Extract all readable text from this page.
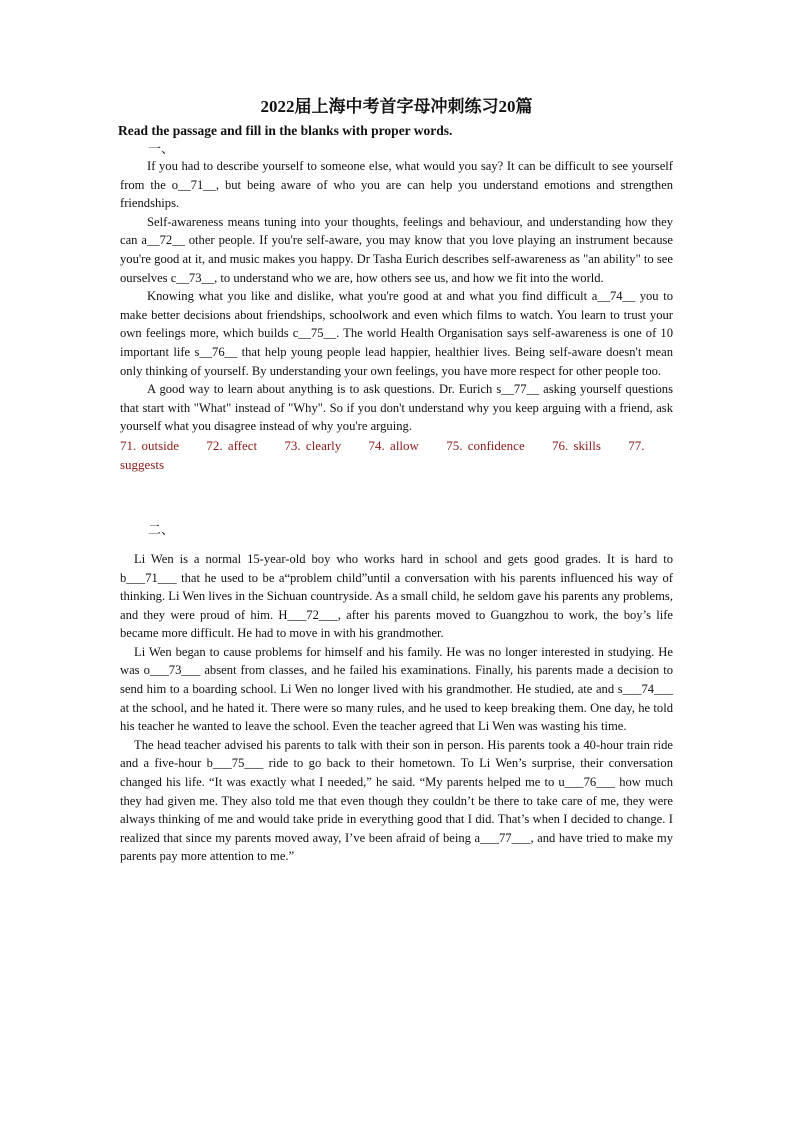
2022届上海中考首字母冲刺练习20篇

Read the passage and fill in the blanks with proper words.

一、

If you had to describe yourself to someone else, what would you say? It can be difficult to see yourself from the o__71__, but being aware of who you are can help you understand emotions and strengthen friendships.

Self-awareness means tuning into your thoughts, feelings and behaviour, and understanding how they can a__72__ other people. If you're self-aware, you may know that you love playing an instrument because you're good at it, and music makes you happy. Dr Tasha Eurich describes self-awareness as "an ability" to see ourselves c__73__, to understand who we are, how others see us, and how we fit into the world.

Knowing what you like and dislike, what you're good at and what you find difficult a__74__ you to make better decisions about friendships, schoolwork and even which films to watch. You learn to trust your own feelings more, which builds c__75__. The world Health Organisation says self-awareness is one of 10 important life s__76__ that help young people lead happier, healthier lives. Being self-aware doesn't mean only thinking of yourself. By understanding your own feelings, you have more respect for other people too.

A good way to learn about anything is to ask questions. Dr. Eurich s__77__ asking yourself questions that start with "What" instead of "Why". So if you don't understand why you keep arguing with a friend, ask yourself what you disagree instead of why you're arguing.

71. outside 72. affect 73. clearly 74. allow 75. confidence 76. skills 77. suggests

二、

Li Wen is a normal 15-year-old boy who works hard in school and gets good grades. It is hard to b___71___ that he used to be a“problem child”until a conversation with his parents influenced his way of thinking. Li Wen lives in the Sichuan countryside. As a small child, he seldom gave his parents any problems, and they were proud of him. H___72___, after his parents moved to Guangzhou to work, the boy’s life became more difficult. He had to move in with his grandmother.

Li Wen began to cause problems for himself and his family. He was no longer interested in studying. He was o___73___ absent from classes, and he failed his examinations. Finally, his parents made a decision to send him to a boarding school. Li Wen no longer lived with his grandmother. He studied, ate and s___74___ at the school, and he hated it. There were so many rules, and he used to keep breaking them. One day, he told his teacher he wanted to leave the school. Even the teacher agreed that Li Wen was wasting his time.

The head teacher advised his parents to talk with their son in person. His parents took a 40-hour train ride and a five-hour b___75___ ride to go back to their hometown. To Li Wen’s surprise, their conversation changed his life. “It was exactly what I needed,” he said. “My parents helped me to u___76___ how much they had given me. They also told me that even though they couldn’t be there to take care of me, they were always thinking of me and would take pride in everything good that I did. That’s when I decided to change. I realized that since my parents moved away, I’ve been afraid of being a___77___, and have tried to make my parents pay more attention to me.”
